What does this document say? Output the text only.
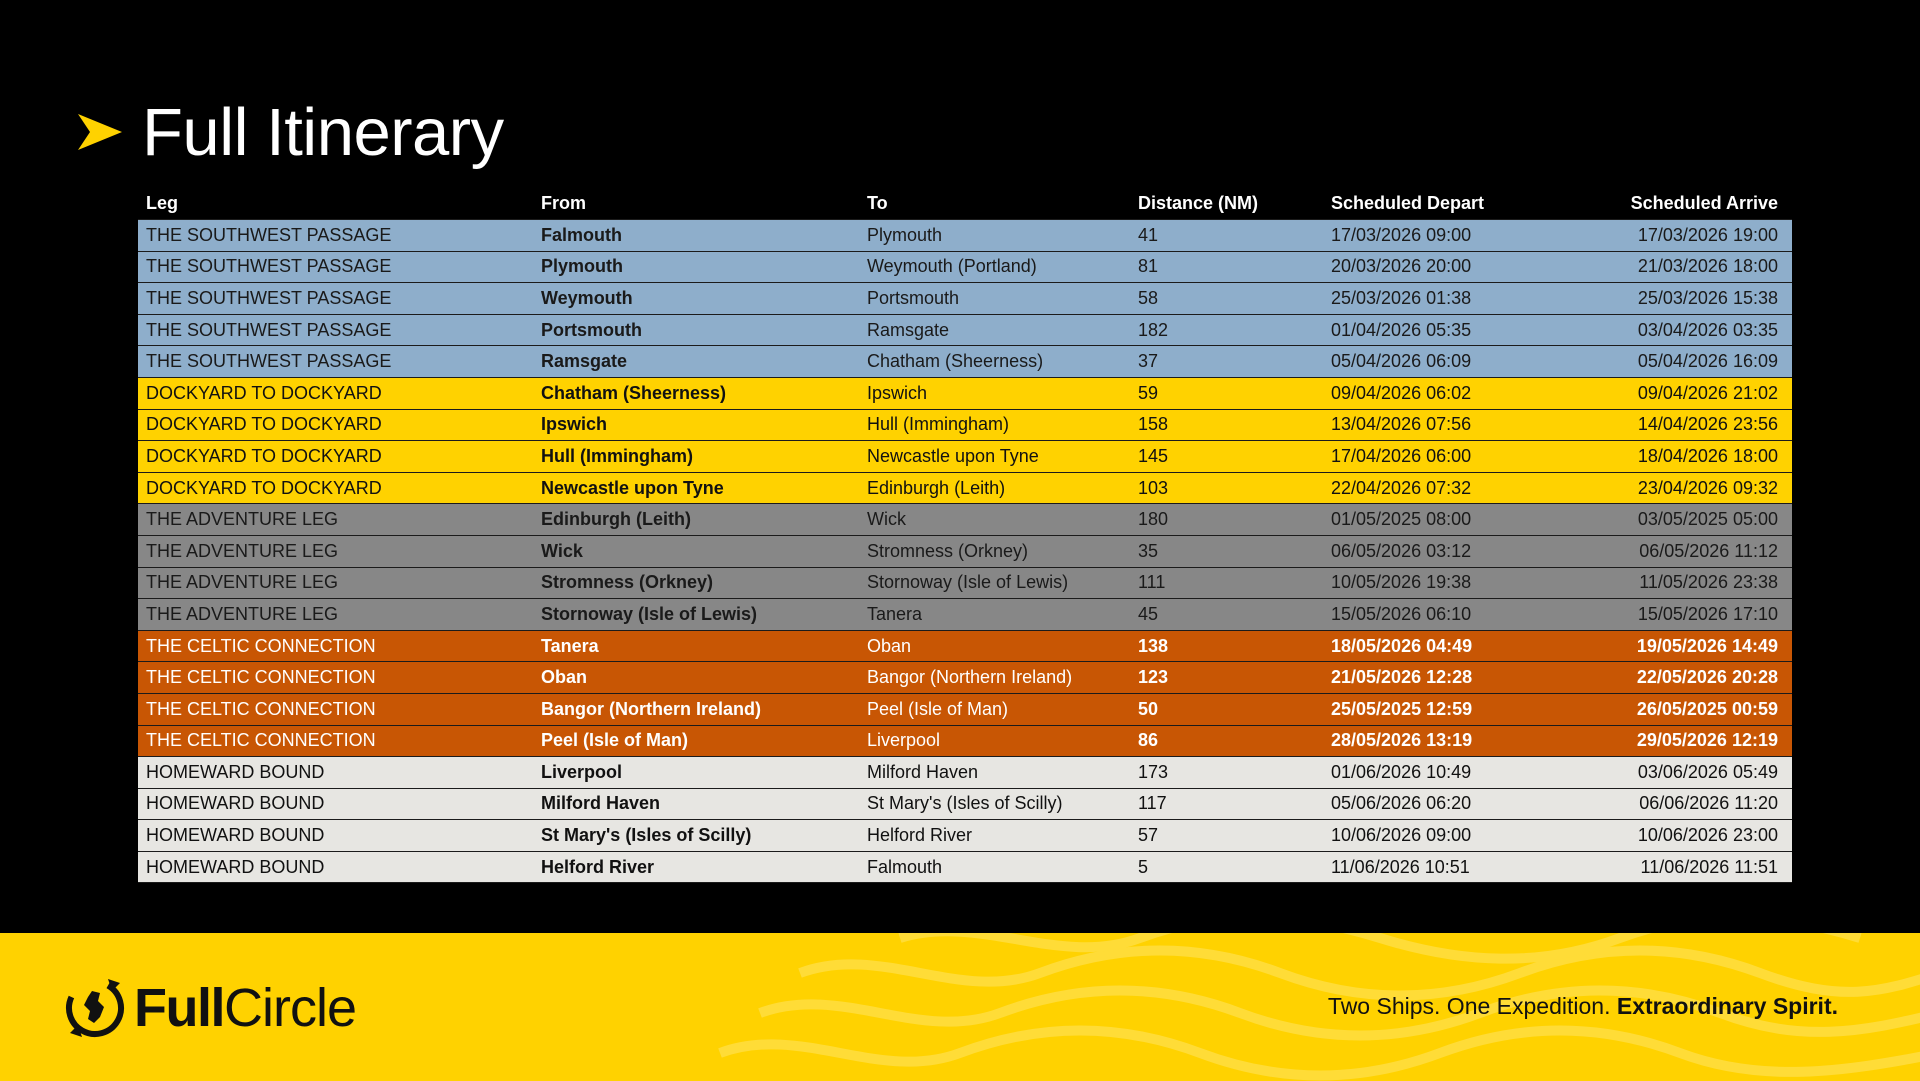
Full Itinerary
Leg	From	To	Distance (NM)	Scheduled Depart	Scheduled Arrive
THE SOUTHWEST PASSAGE	Falmouth	Plymouth	41	17/03/2026 09:00	17/03/2026 19:00
THE SOUTHWEST PASSAGE	Plymouth	Weymouth (Portland)	81	20/03/2026 20:00	21/03/2026 18:00
THE SOUTHWEST PASSAGE	Weymouth	Portsmouth	58	25/03/2026 01:38	25/03/2026 15:38
THE SOUTHWEST PASSAGE	Portsmouth	Ramsgate	182	01/04/2026 05:35	03/04/2026 03:35
THE SOUTHWEST PASSAGE	Ramsgate	Chatham (Sheerness)	37	05/04/2026 06:09	05/04/2026 16:09
DOCKYARD TO DOCKYARD	Chatham (Sheerness)	Ipswich	59	09/04/2026 06:02	09/04/2026 21:02
DOCKYARD TO DOCKYARD	Ipswich	Hull (Immingham)	158	13/04/2026 07:56	14/04/2026 23:56
DOCKYARD TO DOCKYARD	Hull (Immingham)	Newcastle upon Tyne	145	17/04/2026 06:00	18/04/2026 18:00
DOCKYARD TO DOCKYARD	Newcastle upon Tyne	Edinburgh (Leith)	103	22/04/2026 07:32	23/04/2026 09:32
THE ADVENTURE LEG	Edinburgh (Leith)	Wick	180	01/05/2025 08:00	03/05/2025 05:00
THE ADVENTURE LEG	Wick	Stromness (Orkney)	35	06/05/2026 03:12	06/05/2026 11:12
THE ADVENTURE LEG	Stromness (Orkney)	Stornoway (Isle of Lewis)	111	10/05/2026 19:38	11/05/2026 23:38
THE ADVENTURE LEG	Stornoway (Isle of Lewis)	Tanera	45	15/05/2026 06:10	15/05/2026 17:10
THE CELTIC CONNECTION	Tanera	Oban	138	18/05/2026 04:49	19/05/2026 14:49
THE CELTIC CONNECTION	Oban	Bangor (Northern Ireland)	123	21/05/2026 12:28	22/05/2026 20:28
THE CELTIC CONNECTION	Bangor (Northern Ireland)	Peel (Isle of Man)	50	25/05/2025 12:59	26/05/2025 00:59
THE CELTIC CONNECTION	Peel (Isle of Man)	Liverpool	86	28/05/2026 13:19	29/05/2026 12:19
HOMEWARD BOUND	Liverpool	Milford Haven	173	01/06/2026 10:49	03/06/2026 05:49
HOMEWARD BOUND	Milford Haven	St Mary's (Isles of Scilly)	117	05/06/2026 06:20	06/06/2026 11:20
HOMEWARD BOUND	St Mary's (Isles of Scilly)	Helford River	57	10/06/2026 09:00	10/06/2026 23:00
HOMEWARD BOUND	Helford River	Falmouth	5	11/06/2026 10:51	11/06/2026 11:51
Full Circle	Two Ships. One Expedition. Extraordinary Spirit.
